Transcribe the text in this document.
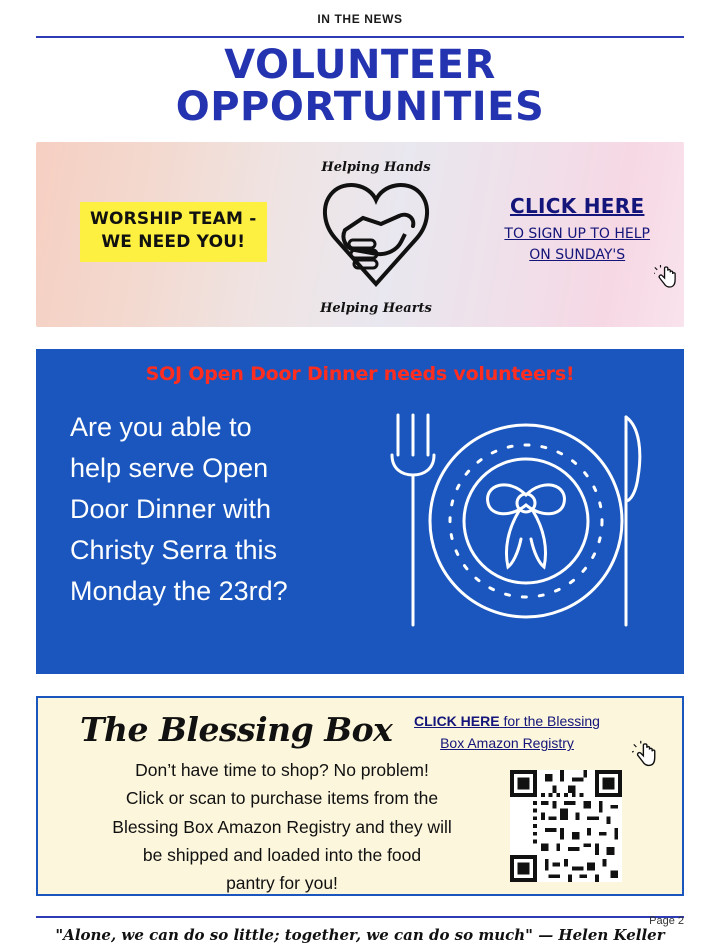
IN THE NEWS
VOLUNTEER OPPORTUNITIES
WORSHIP TEAM -
WE NEED YOU!
Helping Hands
Helping Hearts
CLICK HERE
TO SIGN UP TO HELP
ON SUNDAY'S
SOJ Open Door Dinner needs volunteers!
Are you able to
help serve Open
Door Dinner with
Christy Serra this
Monday the 23rd?
The Blessing Box	CLICK HERE for the Blessing
Box Amazon Registry
Don’t have time to shop? No problem!
Click or scan to purchase items from the
Blessing Box Amazon Registry and they will
be shipped and loaded into the food
pantry for you!
"Alone, we can do so little; together, we can do so much" — Helen Keller
Page 2
